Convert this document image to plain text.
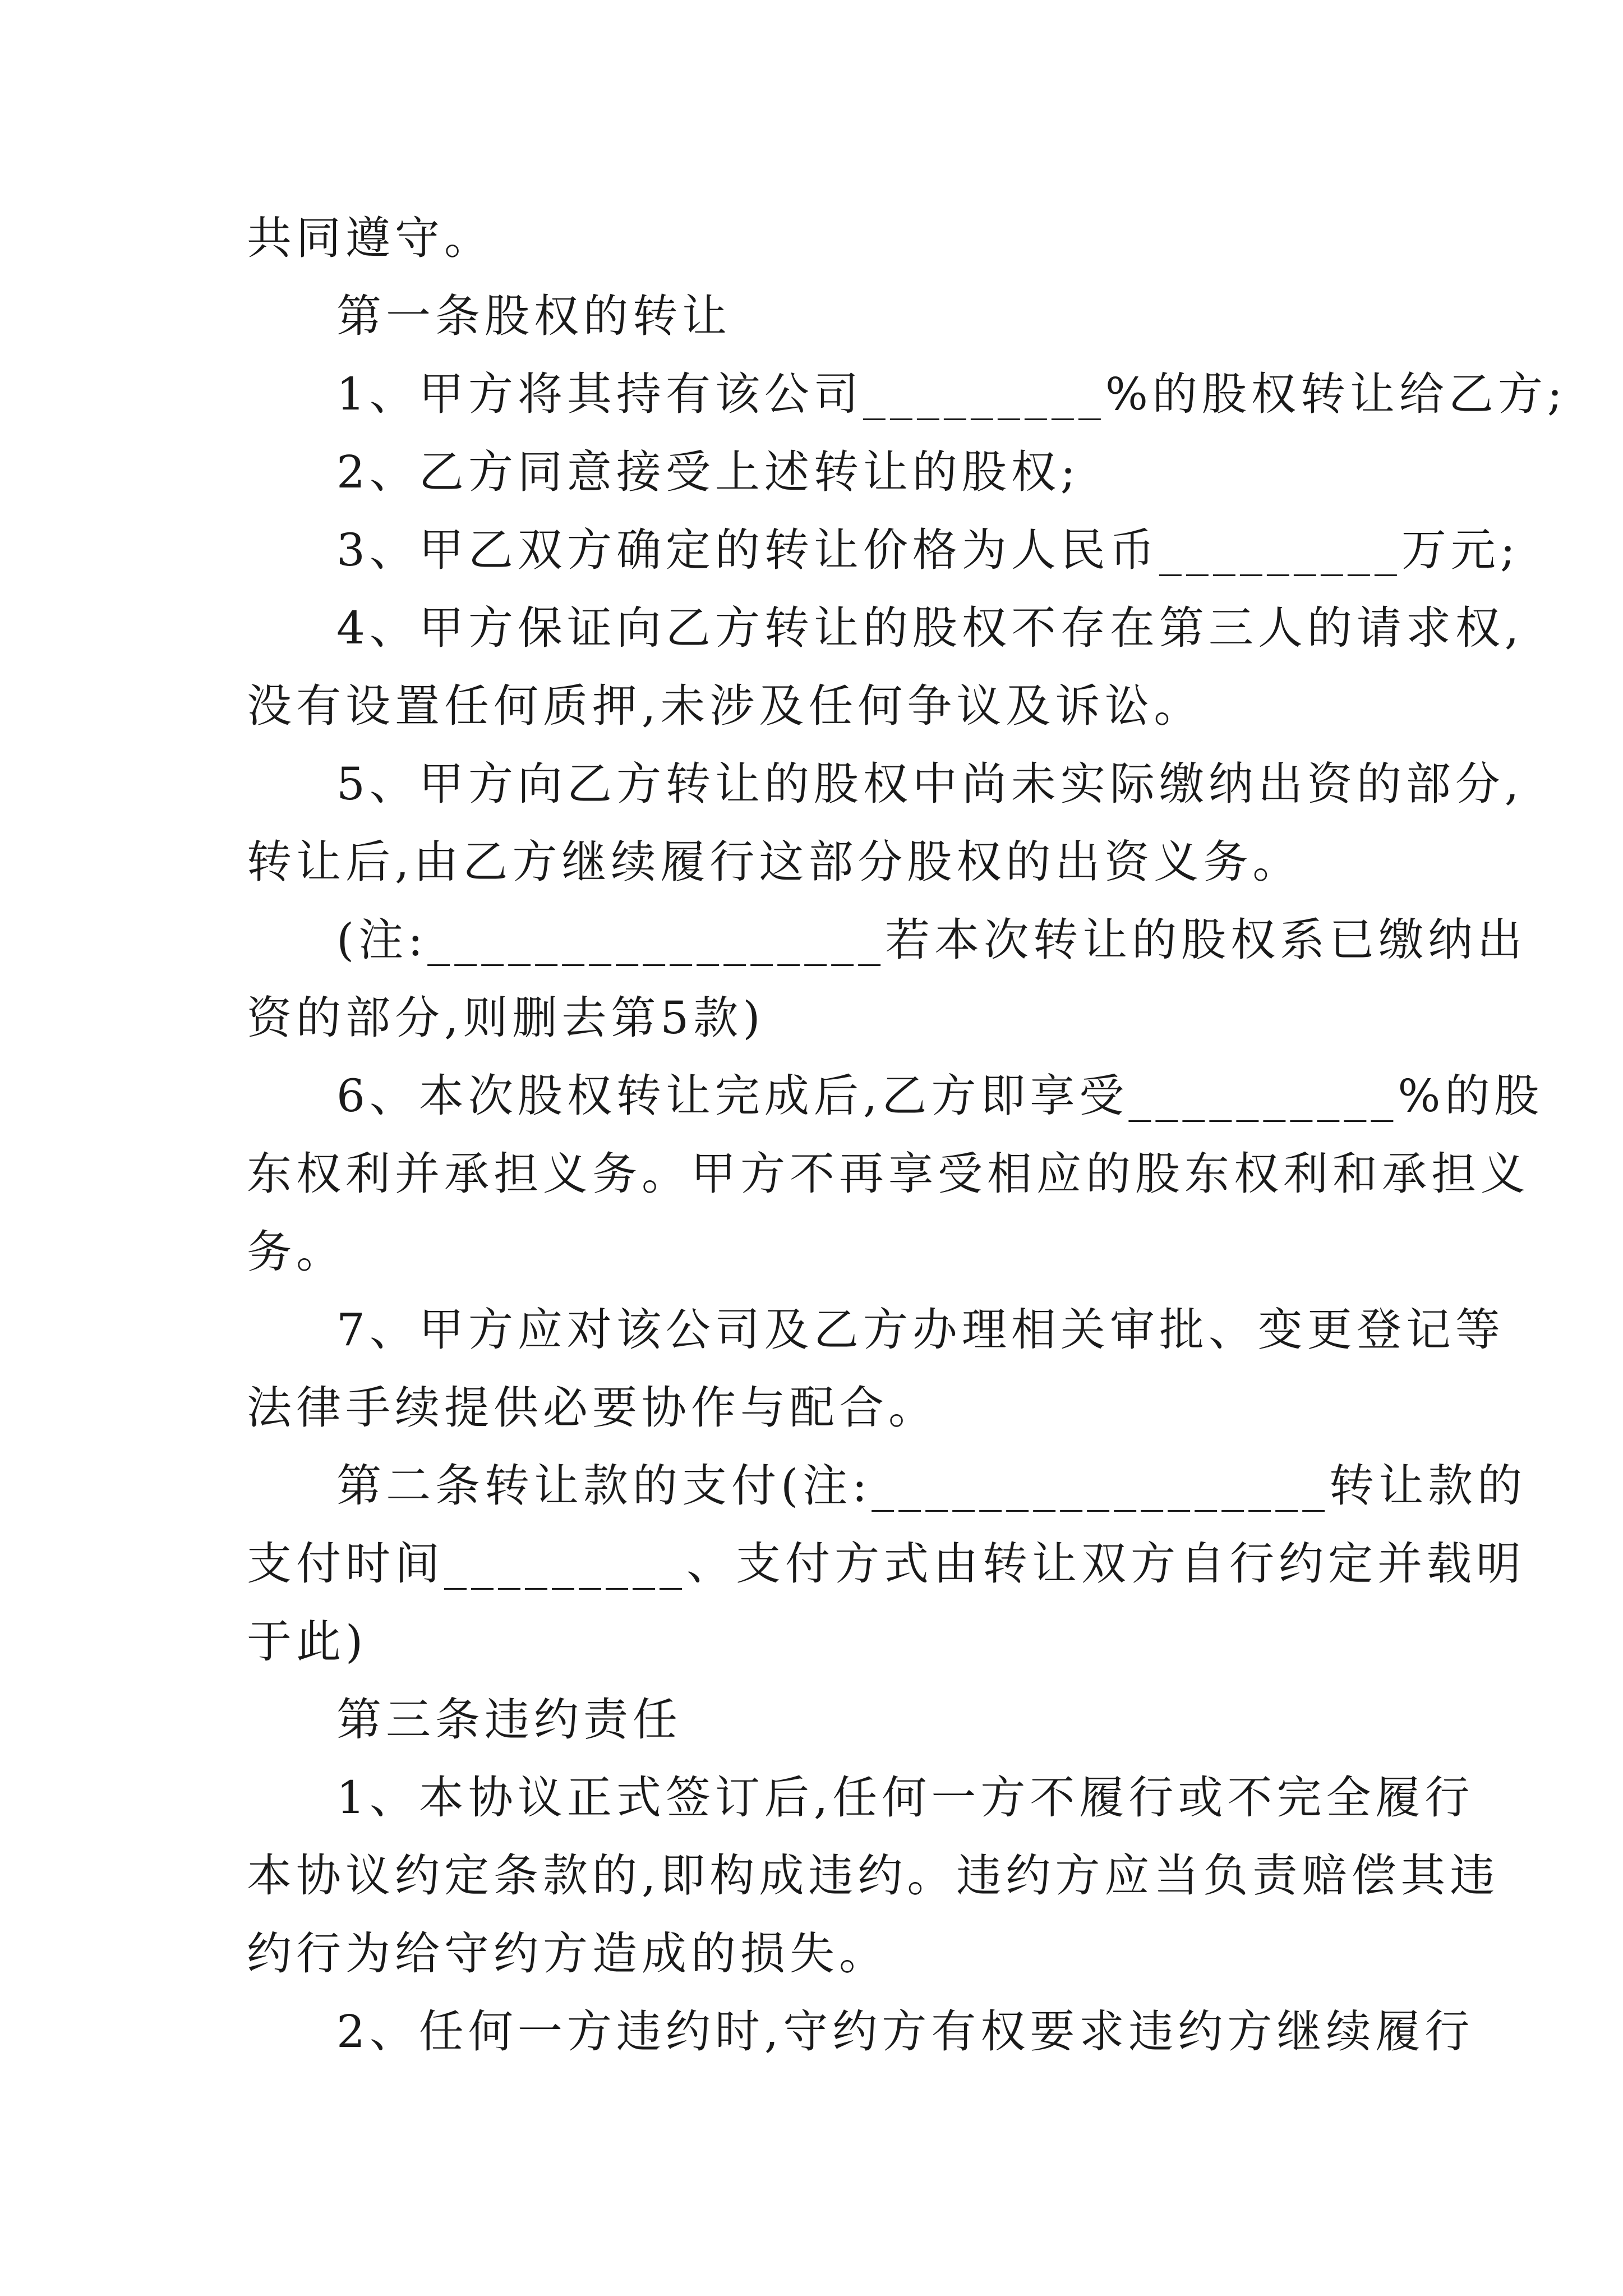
共同遵守。
第一条股权的转让
1、甲方将其持有该公司_________%的股权转让给乙方;
2、乙方同意接受上述转让的股权;
3、甲乙双方确定的转让价格为人民币_________万元;
4、甲方保证向乙方转让的股权不存在第三人的请求权,
没有设置任何质押,未涉及任何争议及诉讼。
5、甲方向乙方转让的股权中尚未实际缴纳出资的部分,
转让后,由乙方继续履行这部分股权的出资义务。
(注:_________________若本次转让的股权系已缴纳出
资的部分,则删去第5款)
6、本次股权转让完成后,乙方即享受__________%的股
东权利并承担义务。甲方不再享受相应的股东权利和承担义
务。
7、甲方应对该公司及乙方办理相关审批、变更登记等
法律手续提供必要协作与配合。
第二条转让款的支付(注:_________________转让款的
支付时间_________、支付方式由转让双方自行约定并载明
于此)
第三条违约责任
1、本协议正式签订后,任何一方不履行或不完全履行
本协议约定条款的,即构成违约。违约方应当负责赔偿其违
约行为给守约方造成的损失。
2、任何一方违约时,守约方有权要求违约方继续履行
